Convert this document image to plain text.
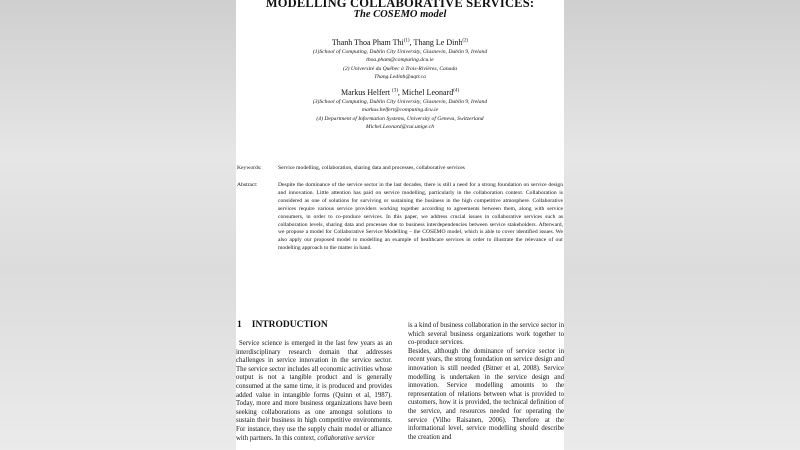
MODELLING COLLABORATIVE SERVICES:
The COSEMO model
Thanh Thoa Pham Thi$^{(1)}$, Thang Le Dinh$^{(2)}$
(1)School of Computing, Dublin City University, Glasnevin, Dublin 9, Ireland
thoa.pham@computing.dcu.ie
(2) Université du Québec à Trois-Rivières, Canada
Thang.Ledinh@uqtr.ca
Markus Helfert $^{(3)}$, Michel Leonard$^{(4)}$
(3)School of Computing, Dublin City University, Glasnevin, Dublin 9, Ireland
markus.helfert@computing.dcu.ie
(4) Department of Information Systems, University of Geneva, Switzerland
Michel.Leonard@cui.unige.ch
Keywords:	Service modelling, collaboration, sharing data and processes, collaborative services
Abstract:	Despite the dominance of the service sector in the last decades, there is still a need for a strong foundation on service design and innovation. Little attention has paid on service modelling, particularly in the collaboration context. Collaboration is considered as one of solutions for surviving or sustaining the business in the high competitive atmosphere. Collaborative services require various service providers working together according to agreements between them, along with service consumers, in order to co-produce services. In this paper, we address crucial issues in collaborative services such as collaboration levels, sharing data and processes due to business interdependencies between service stakeholders. Afterward, we propose a model for Collaborative Service Modelling – the COSEMO model, which is able to cover identified issues. We also apply our proposed model to modelling an example of healthcare services in order to illustrate the relevance of our modelling approach to the matter in hand.
1 INTRODUCTION

Service science is emerged in the last few years as an interdisciplinary research domain that addresses challenges in service innovation in the service sector. The service sector includes all economic activities whose output is not a tangible product and is generally consumed at the same time, it is produced and provides added value in intangible forms (Quinn et al, 1987). Today, more and more business organizations have been seeking collaborations as one amongst solutions to sustain their business in high competitive environments. For instance, they use the supply chain model or alliance with partners. In this context, collaborative service

is a kind of business collaboration in the service sector in which several business organizations work together to co-produce services.

Besides, although the dominance of service sector in recent years, the strong foundation on service design and innovation is still needed (Bitner et al, 2008). Service modelling is undertaken in the service design and innovation. Service modelling amounts to the representation of relations between what is provided to customers, how it is provided, the technical definition of the service, and resources needed for operating the service (Vilho Raisanen, 2006). Therefore at the informational level, service modelling should describe the creation and
